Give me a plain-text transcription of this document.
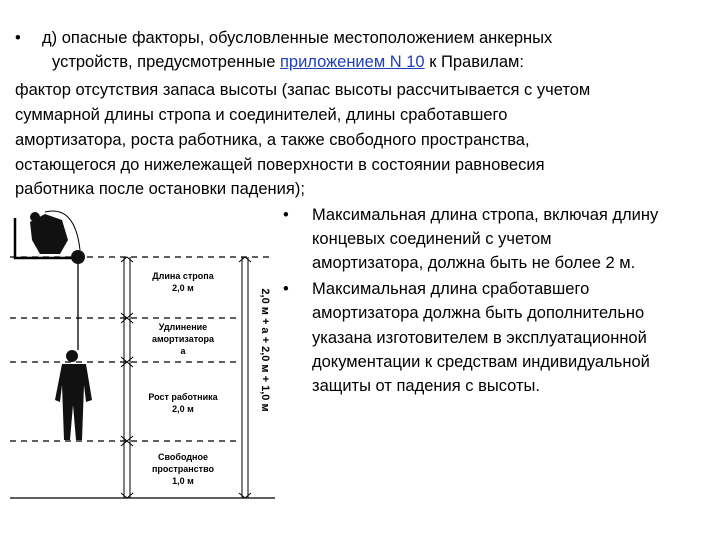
• д) опасные факторы, обусловленные местоположением анкерных
устройств, предусмотренные приложением N 10 к Правилам:
фактор отсутствия запаса высоты (запас высоты рассчитывается с учетом
суммарной длины стропа и соединителей, длины сработавшего
амортизатора, роста работника, а также свободного пространства,
остающегося до нижележащей поверхности в состоянии равновесия
работника после остановки падения);
• Максимальная длина стропа, включая длину
концевых соединений с учетом
амортизатора, должна быть не более 2 м.
• Максимальная длина сработавшего
амортизатора должна быть дополнительно
указана изготовителем в эксплуатационной
документации к средствам индивидуальной
защиты от падения с высоты.
Длина стропа
2,0 м
Удлинение
амортизатора
а
Рост работника
2,0 м
Свободное
пространство
1,0 м
2,0 м + а + 2,0 м + 1,0 м
